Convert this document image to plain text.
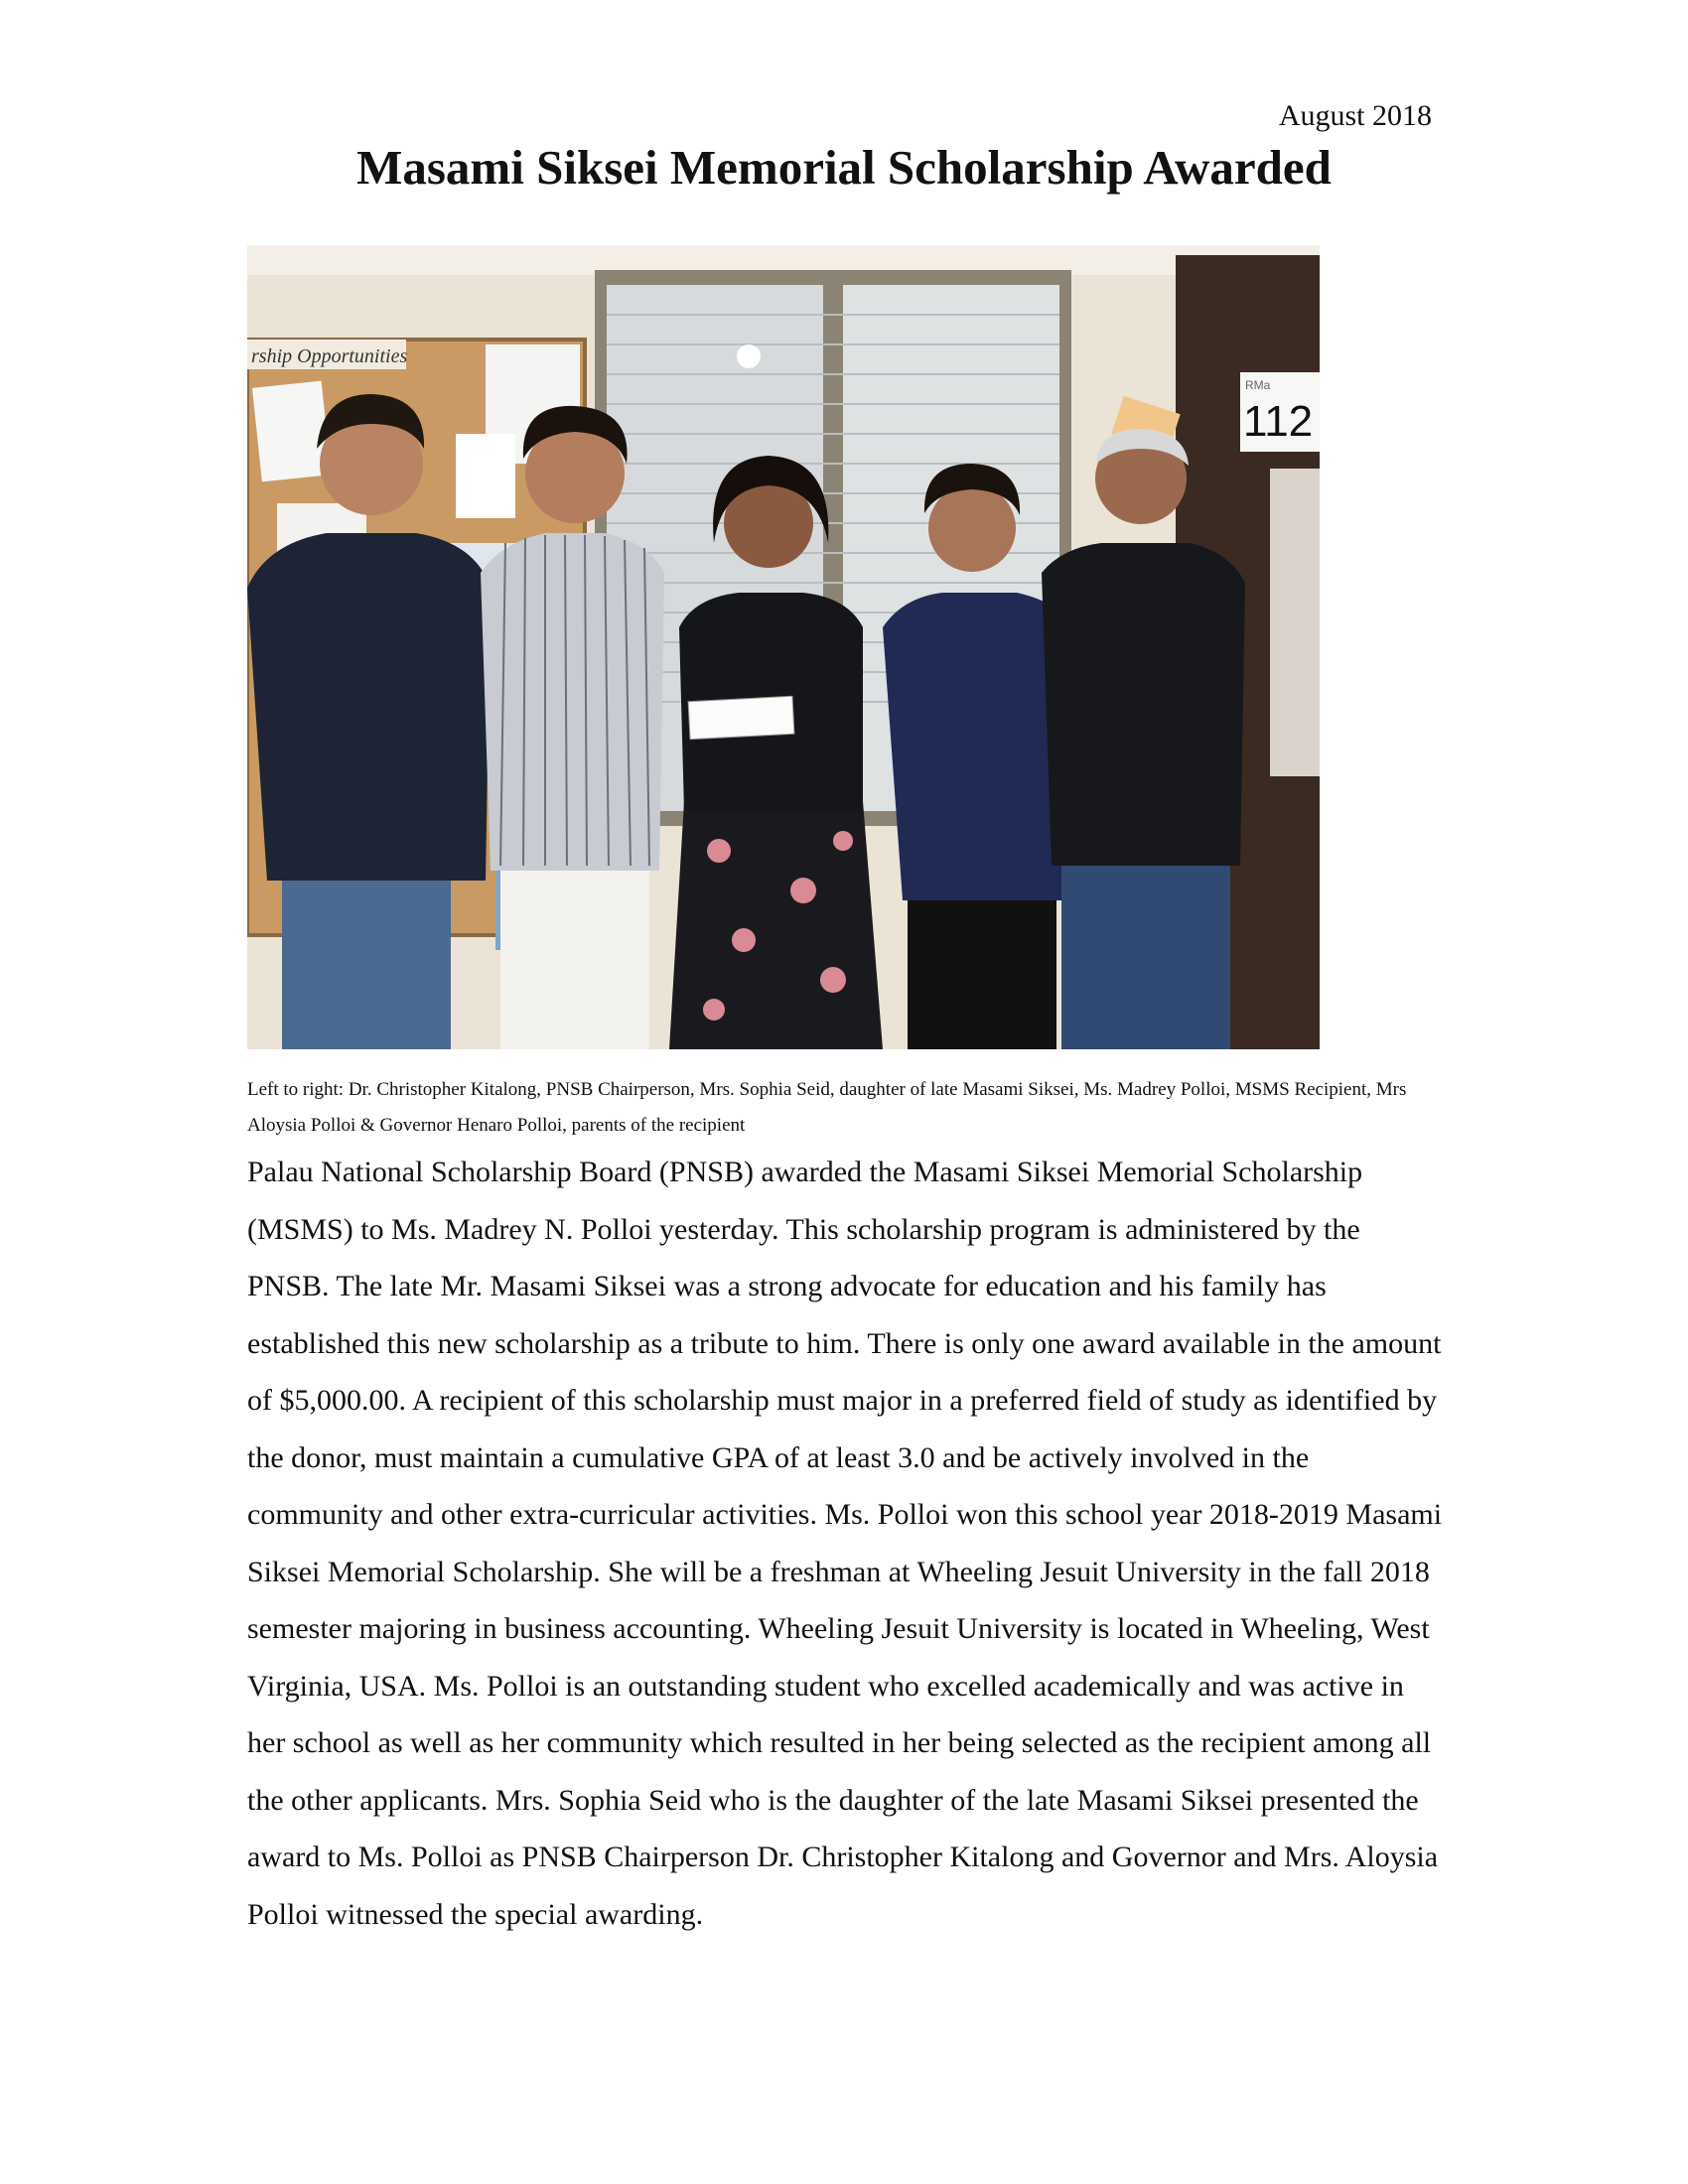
August 2018
Masami Siksei Memorial Scholarship Awarded
rship Opportunities
RMa
112
Left to right: Dr. Christopher Kitalong, PNSB Chairperson, Mrs. Sophia Seid, daughter of late Masami Siksei, Ms. Madrey Polloi, MSMS Recipient, Mrs Aloysia Polloi & Governor Henaro Polloi, parents of the recipient

Palau National Scholarship Board (PNSB) awarded the Masami Siksei Memorial Scholarship (MSMS) to Ms. Madrey N. Polloi yesterday. This scholarship program is administered by the PNSB. The late Mr. Masami Siksei was a strong advocate for education and his family has established this new scholarship as a tribute to him. There is only one award available in the amount of $5,000.00. A recipient of this scholarship must major in a preferred field of study as identified by the donor, must maintain a cumulative GPA of at least 3.0 and be actively involved in the community and other extra-curricular activities. Ms. Polloi won this school year 2018-2019 Masami Siksei Memorial Scholarship. She will be a freshman at Wheeling Jesuit University in the fall 2018 semester majoring in business accounting. Wheeling Jesuit University is located in Wheeling, West Virginia, USA. Ms. Polloi is an outstanding student who excelled academically and was active in her school as well as her community which resulted in her being selected as the recipient among all the other applicants. Mrs. Sophia Seid who is the daughter of the late Masami Siksei presented the award to Ms. Polloi as PNSB Chairperson Dr. Christopher Kitalong and Governor and Mrs. Aloysia Polloi witnessed the special awarding.
